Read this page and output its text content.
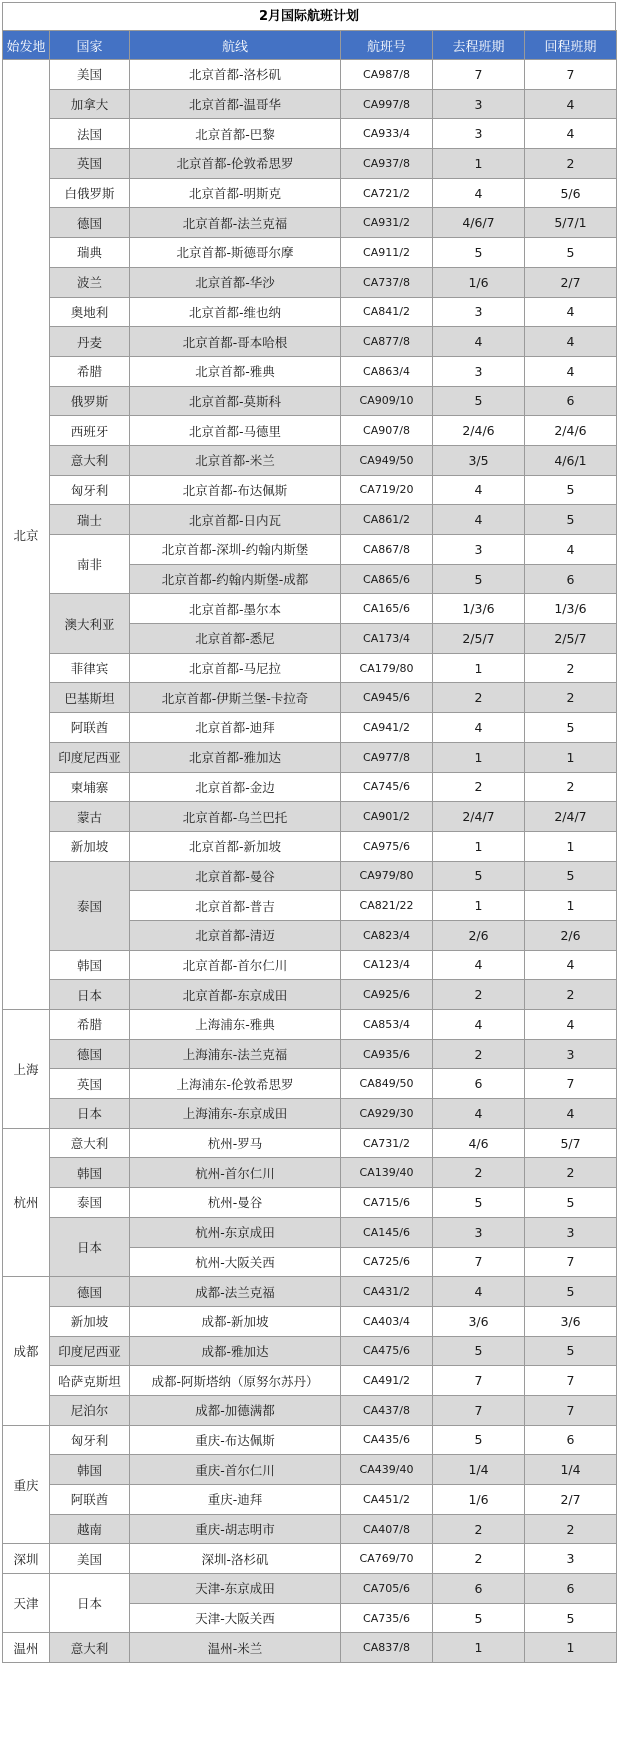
2月国际航班计划
始发地	国家	航线	航班号	去程班期	回程班期
北京	美国	北京首都-洛杉矶	CA987/8	7	7
	加拿大	北京首都-温哥华	CA997/8	3	4
	法国	北京首都-巴黎	CA933/4	3	4
	英国	北京首都-伦敦希思罗	CA937/8	1	2
	白俄罗斯	北京首都-明斯克	CA721/2	4	5/6
	德国	北京首都-法兰克福	CA931/2	4/6/7	5/7/1
	瑞典	北京首都-斯德哥尔摩	CA911/2	5	5
	波兰	北京首都-华沙	CA737/8	1/6	2/7
	奥地利	北京首都-维也纳	CA841/2	3	4
	丹麦	北京首都-哥本哈根	CA877/8	4	4
	希腊	北京首都-雅典	CA863/4	3	4
	俄罗斯	北京首都-莫斯科	CA909/10	5	6
	西班牙	北京首都-马德里	CA907/8	2/4/6	2/4/6
	意大利	北京首都-米兰	CA949/50	3/5	4/6/1
	匈牙利	北京首都-布达佩斯	CA719/20	4	5
	瑞士	北京首都-日内瓦	CA861/2	4	5
	南非	北京首都-深圳-约翰内斯堡	CA867/8	3	4
		北京首都-约翰内斯堡-成都	CA865/6	5	6
	澳大利亚	北京首都-墨尔本	CA165/6	1/3/6	1/3/6
		北京首都-悉尼	CA173/4	2/5/7	2/5/7
	菲律宾	北京首都-马尼拉	CA179/80	1	2
	巴基斯坦	北京首都-伊斯兰堡-卡拉奇	CA945/6	2	2
	阿联酋	北京首都-迪拜	CA941/2	4	5
	印度尼西亚	北京首都-雅加达	CA977/8	1	1
	柬埔寨	北京首都-金边	CA745/6	2	2
	蒙古	北京首都-乌兰巴托	CA901/2	2/4/7	2/4/7
	新加坡	北京首都-新加坡	CA975/6	1	1
	泰国	北京首都-曼谷	CA979/80	5	5
		北京首都-普吉	CA821/22	1	1
		北京首都-清迈	CA823/4	2/6	2/6
	韩国	北京首都-首尔仁川	CA123/4	4	4
	日本	北京首都-东京成田	CA925/6	2	2
上海	希腊	上海浦东-雅典	CA853/4	4	4
	德国	上海浦东-法兰克福	CA935/6	2	3
	英国	上海浦东-伦敦希思罗	CA849/50	6	7
	日本	上海浦东-东京成田	CA929/30	4	4
杭州	意大利	杭州-罗马	CA731/2	4/6	5/7
	韩国	杭州-首尔仁川	CA139/40	2	2
	泰国	杭州-曼谷	CA715/6	5	5
	日本	杭州-东京成田	CA145/6	3	3
		杭州-大阪关西	CA725/6	7	7
成都	德国	成都-法兰克福	CA431/2	4	5
	新加坡	成都-新加坡	CA403/4	3/6	3/6
	印度尼西亚	成都-雅加达	CA475/6	5	5
	哈萨克斯坦	成都-阿斯塔纳（原努尔苏丹）	CA491/2	7	7
	尼泊尔	成都-加德满都	CA437/8	7	7
重庆	匈牙利	重庆-布达佩斯	CA435/6	5	6
	韩国	重庆-首尔仁川	CA439/40	1/4	1/4
	阿联酋	重庆-迪拜	CA451/2	1/6	2/7
	越南	重庆-胡志明市	CA407/8	2	2
深圳	美国	深圳-洛杉矶	CA769/70	2	3
天津	日本	天津-东京成田	CA705/6	6	6
		天津-大阪关西	CA735/6	5	5
温州	意大利	温州-米兰	CA837/8	1	1
